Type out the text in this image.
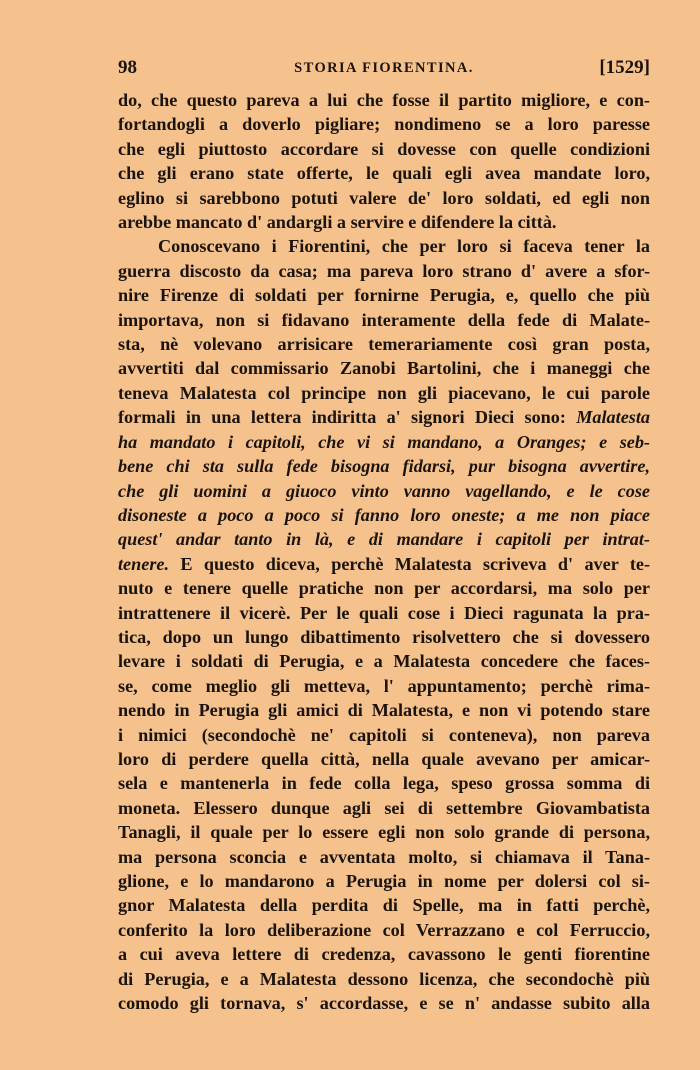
STORIA FIORENTINA.
98	[1529]
do, che questo pareva a lui che fosse il partito migliore, e con-
fortandogli a doverlo pigliare; nondimeno se a loro paresse
che egli piuttosto accordare si dovesse con quelle condizioni
che gli erano state offerte, le quali egli avea mandate loro,
eglino si sarebbono potuti valere de' loro soldati, ed egli non
arebbe mancato d' andargli a servire e difendere la città.
Conoscevano i Fiorentini, che per loro si faceva tener la
guerra discosto da casa; ma pareva loro strano d' avere a sfor-
nire Firenze di soldati per fornirne Perugia, e, quello che più
importava, non si fidavano interamente della fede di Malate-
sta, nè volevano arrisicare temerariamente così gran posta,
avvertiti dal commissario Zanobi Bartolini, che i maneggi che
teneva Malatesta col principe non gli piacevano, le cui parole
formali in una lettera indiritta a' signori Dieci sono: Malatesta
ha mandato i capitoli, che vi si mandano, a Oranges; e seb-
bene chi sta sulla fede bisogna fidarsi, pur bisogna avvertire,
che gli uomini a giuoco vinto vanno vagellando, e le cose
disoneste a poco a poco si fanno loro oneste; a me non piace
quest' andar tanto in là, e di mandare i capitoli per intrat-
tenere. E questo diceva, perchè Malatesta scriveva d' aver te-
nuto e tenere quelle pratiche non per accordarsi, ma solo per
intrattenere il vicerè. Per le quali cose i Dieci ragunata la pra-
tica, dopo un lungo dibattimento risolvettero che si dovessero
levare i soldati di Perugia, e a Malatesta concedere che faces-
se, come meglio gli metteva, l' appuntamento; perchè rima-
nendo in Perugia gli amici di Malatesta, e non vi potendo stare
i nimici (secondochè ne' capitoli si conteneva), non pareva
loro di perdere quella città, nella quale avevano per amicar-
sela e mantenerla in fede colla lega, speso grossa somma di
moneta. Elessero dunque agli sei di settembre Giovambatista
Tanagli, il quale per lo essere egli non solo grande di persona,
ma persona sconcia e avventata molto, si chiamava il Tana-
glione, e lo mandarono a Perugia in nome per dolersi col si-
gnor Malatesta della perdita di Spelle, ma in fatti perchè,
conferito la loro deliberazione col Verrazzano e col Ferruccio,
a cui aveva lettere di credenza, cavassono le genti fiorentine
di Perugia, e a Malatesta dessono licenza, che secondochè più
comodo gli tornava, s' accordasse, e se n' andasse subito alla
